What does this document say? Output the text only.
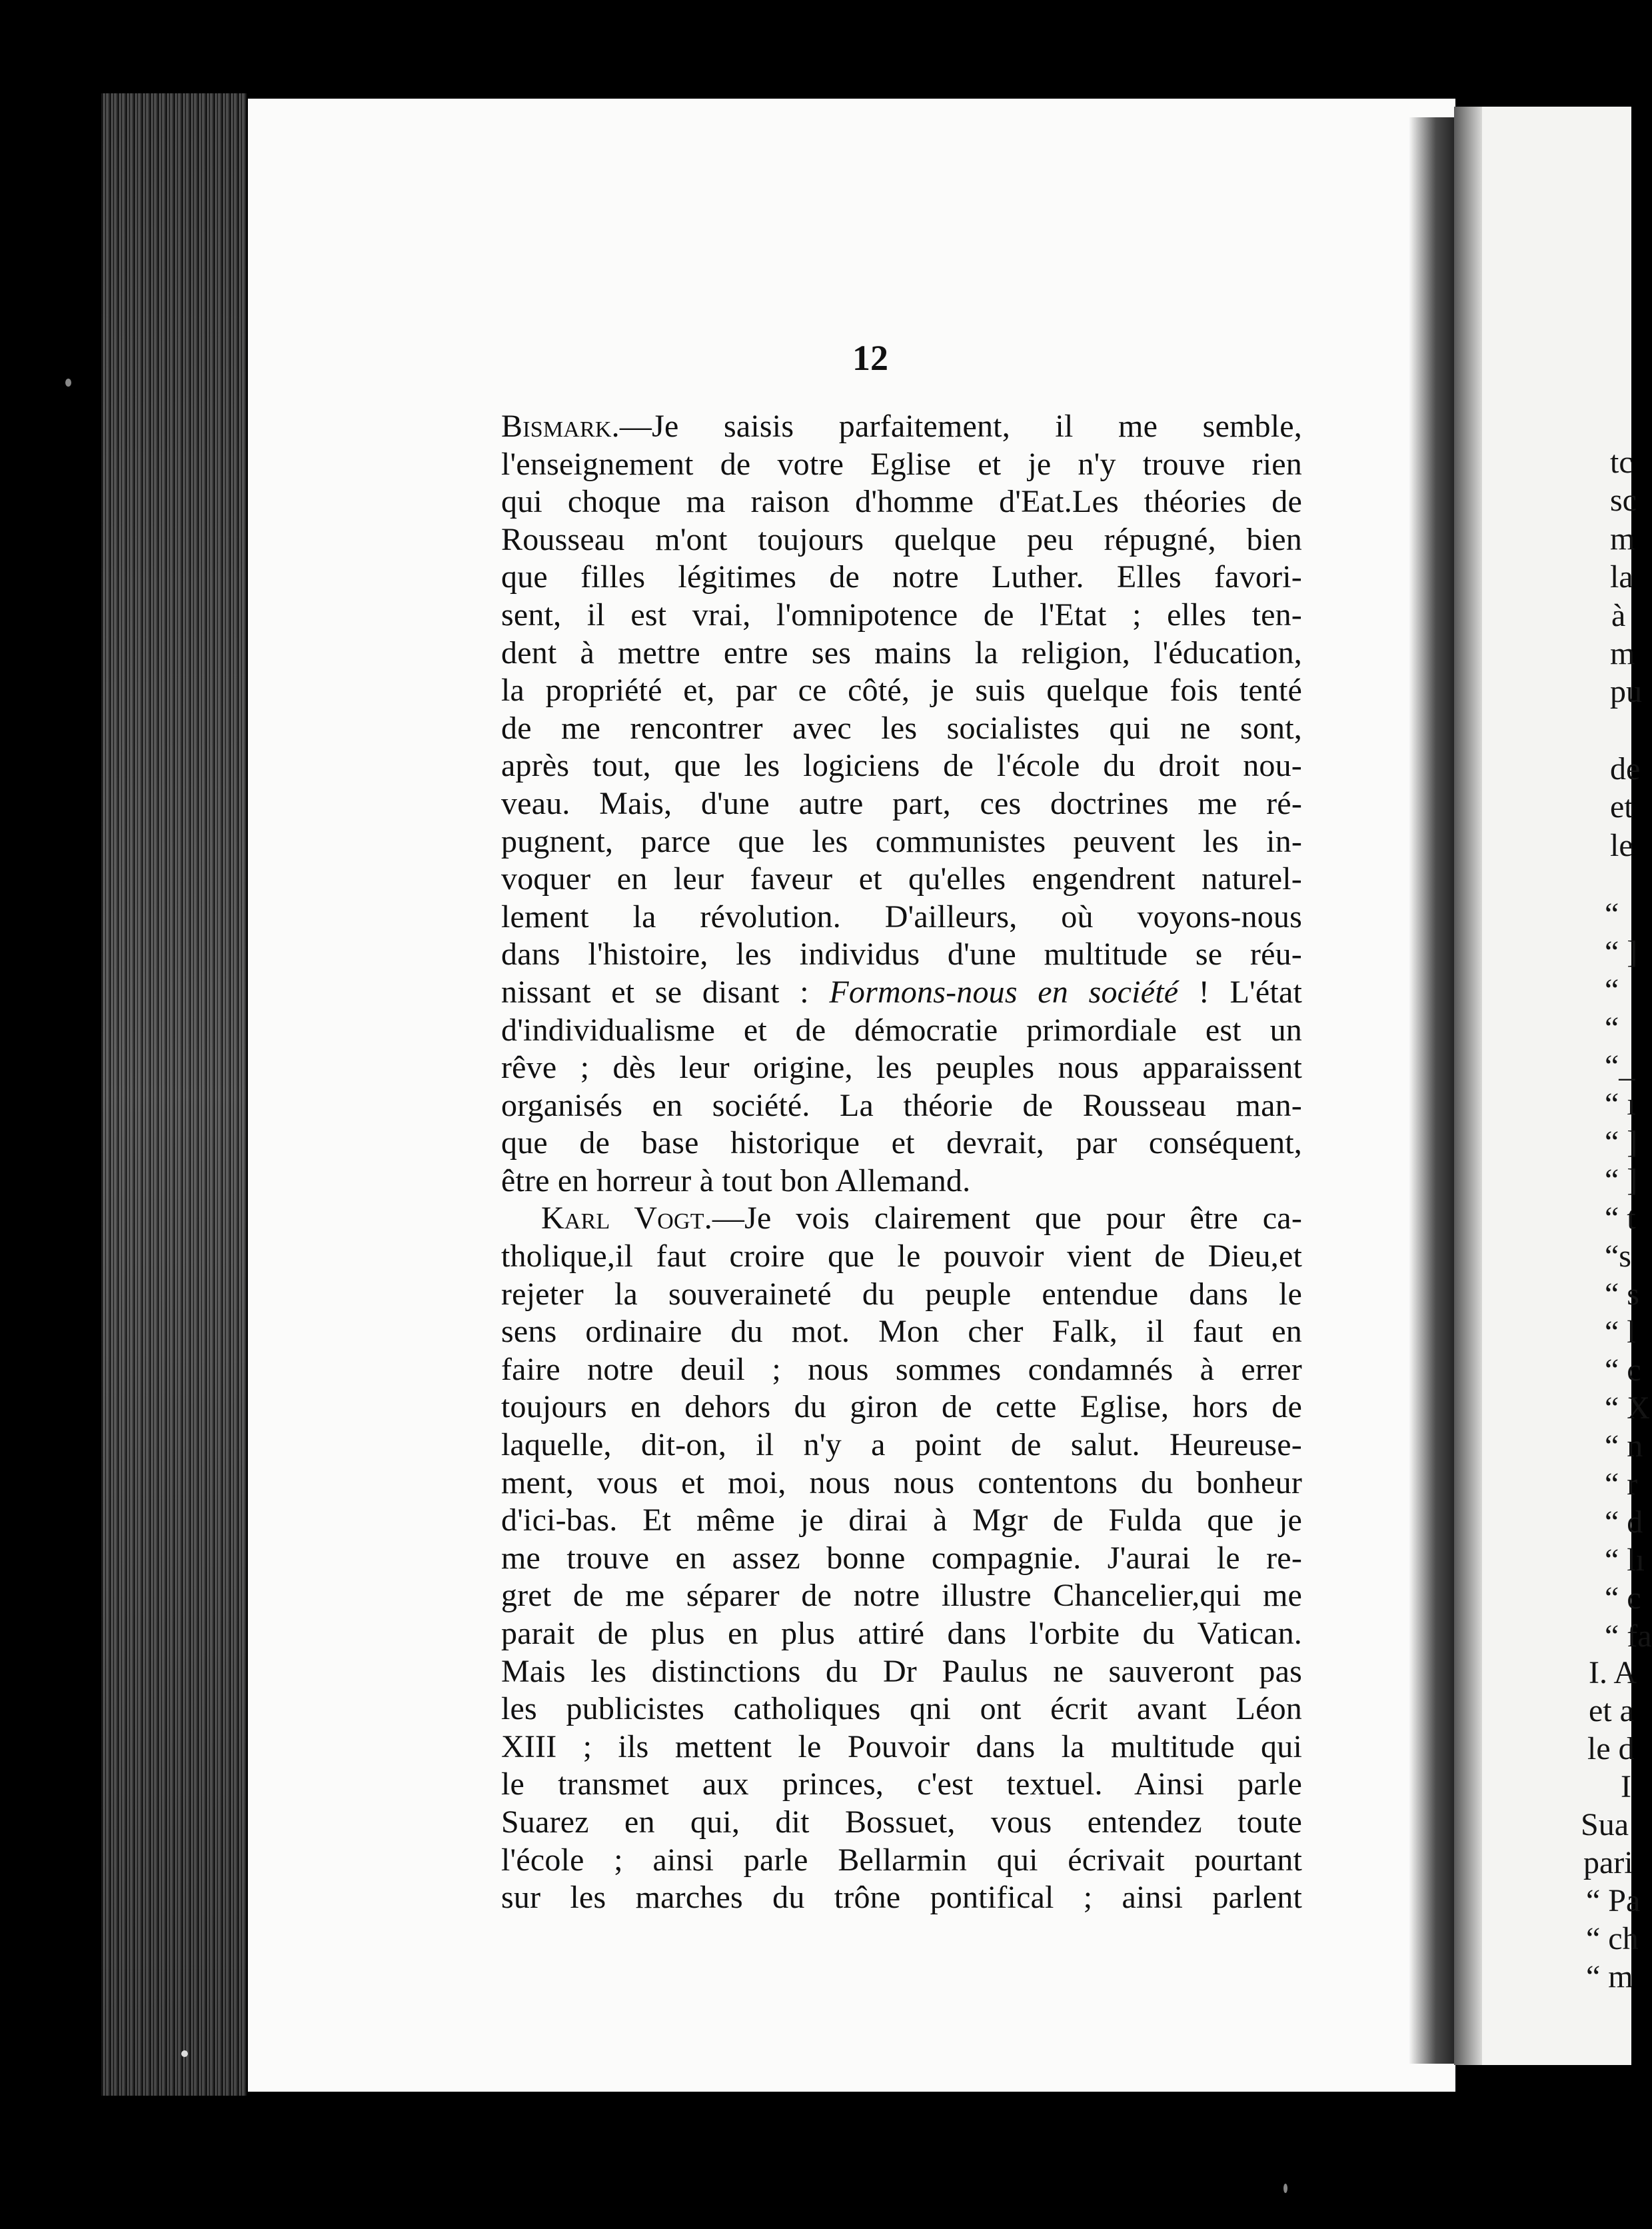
12
Bismark.—Je saisis parfaitement, il me semble,
l'enseignement de votre Eglise et je n'y trouve rien
qui choque ma raison d'homme d'Eat.Les théories de
Rousseau m'ont toujours quelque peu répugné, bien
que filles légitimes de notre Luther. Elles favori-
sent, il est vrai, l'omnipotence de l'Etat ; elles ten-
dent à mettre entre ses mains la religion, l'éducation,
la propriété et, par ce côté, je suis quelque fois tenté
de me rencontrer avec les socialistes qui ne sont,
après tout, que les logiciens de l'école du droit nou-
veau. Mais, d'une autre part, ces doctrines me ré-
pugnent, parce que les communistes peuvent les in-
voquer en leur faveur et qu'elles engendrent naturel-
lement la révolution. D'ailleurs, où voyons-nous
dans l'histoire, les individus d'une multitude se réu-
nissant et se disant : Formons-nous en société ! L'état
d'individualisme et de démocratie primordiale est un
rêve ; dès leur origine, les peuples nous apparaissent
organisés en société. La théorie de Rousseau man-
que de base historique et devrait, par conséquent,
être en horreur à tout bon Allemand.
Karl Vogt.—Je vois clairement que pour être ca-
tholique,il faut croire que le pouvoir vient de Dieu,et
rejeter la souveraineté du peuple entendue dans le
sens ordinaire du mot. Mon cher Falk, il faut en
faire notre deuil ; nous sommes condamnés à errer
toujours en dehors du giron de cette Eglise, hors de
laquelle, dit-on, il n'y a point de salut. Heureuse-
ment, vous et moi, nous nous contentons du bonheur
d'ici-bas. Et même je dirai à Mgr de Fulda que je
me trouve en assez bonne compagnie. J'aurai le re-
gret de me séparer de notre illustre Chancelier,qui me
parait de plus en plus attiré dans l'orbite du Vatican.
Mais les distinctions du Dr Paulus ne sauveront pas
les publicistes catholiques qni ont écrit avant Léon
XIII ; ils mettent le Pouvoir dans la multitude qui
le transmet aux princes, c'est textuel. Ainsi parle
Suarez en qui, dit Bossuet, vous entendez toute
l'école ; ainsi parle Bellarmin qui écrivait pourtant
sur les marches du trône pontifical ; ainsi parlent
tc
sc
m
la
à
m
pu
de
et
le
“
“ ]
“
“
“_
“ ı
“ ]
“ ]
“ t
“s
“ s
“ l
“ c
“ X
“ n
“ r
“ d
“ lı
“ c
“ fa
I. A
et a
le d
I
Sua
pari
“ Pa
“ ch
“ m
